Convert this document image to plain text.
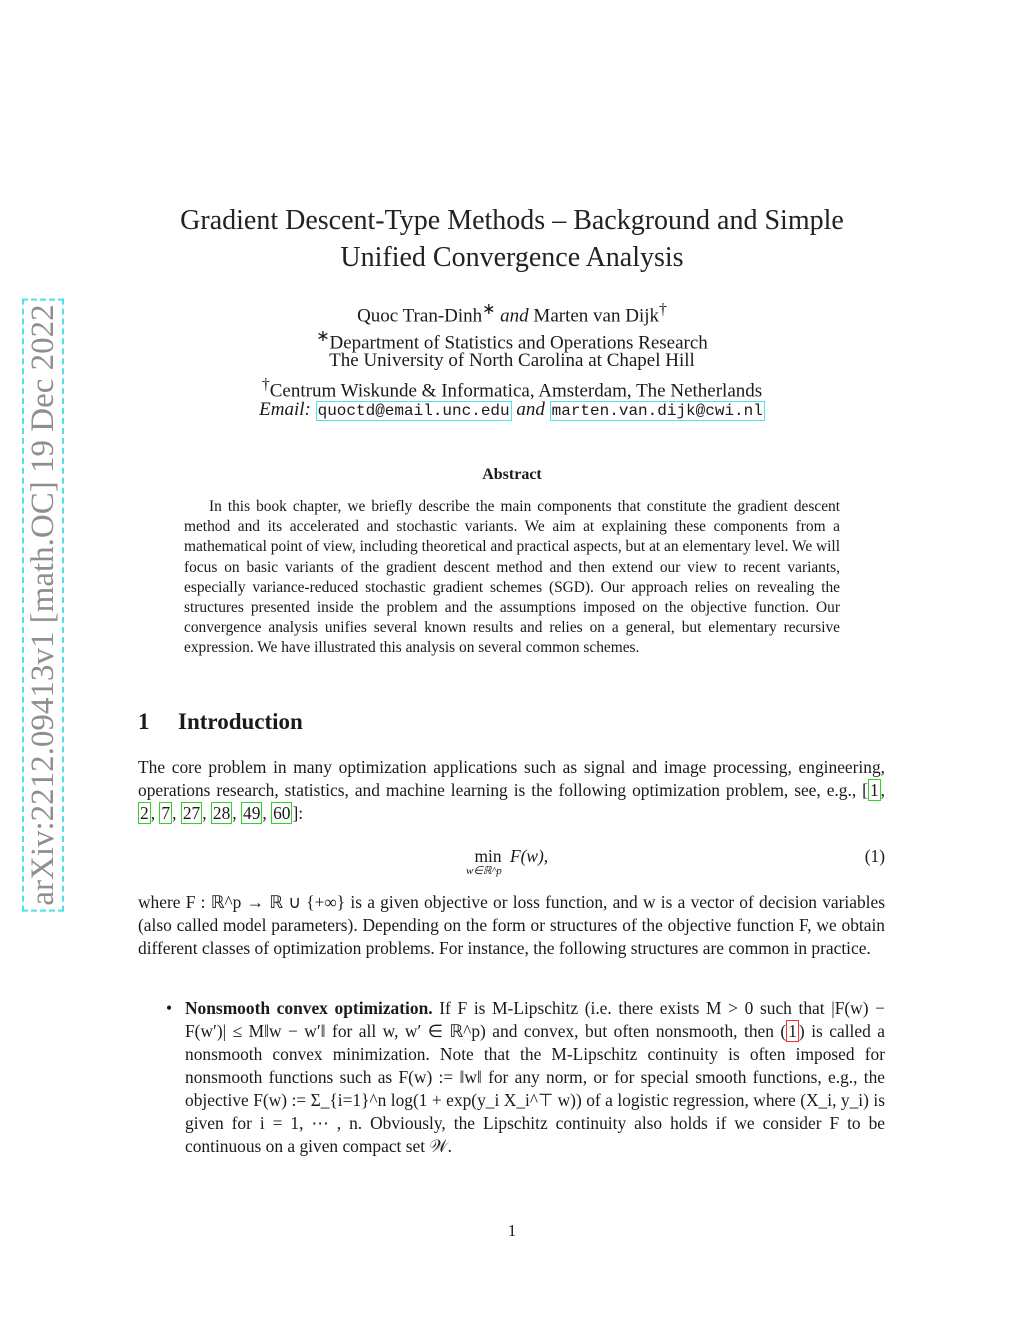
arXiv:2212.09413v1 [math.OC] 19 Dec 2022
Gradient Descent-Type Methods – Background and Simple
Unified Convergence Analysis
Quoc Tran-Dinh∗ and Marten van Dijk†
∗Department of Statistics and Operations Research
The University of North Carolina at Chapel Hill
†Centrum Wiskunde & Informatica, Amsterdam, The Netherlands
Email: quoctd@email.unc.edu and marten.van.dijk@cwi.nl
Abstract
In this book chapter, we briefly describe the main components that constitute the gradient descent method and its accelerated and stochastic variants. We aim at explaining these components from a mathematical point of view, including theoretical and practical aspects, but at an elementary level. We will focus on basic variants of the gradient descent method and then extend our view to recent variants, especially variance-reduced stochastic gradient schemes (SGD). Our approach relies on revealing the structures presented inside the problem and the assumptions imposed on the objective function. Our convergence analysis unifies several known results and relies on a general, but elementary recursive expression. We have illustrated this analysis on several common schemes.
1 Introduction
The core problem in many optimization applications such as signal and image processing, engineering, operations research, statistics, and machine learning is the following optimization problem, see, e.g., [ 1 , 2 , 7 , 27 , 28 , 49 , 60 ]:
min
w∈ℝ^p
F(w),	(1)
where F : ℝ^p → ℝ ∪ {+∞} is a given objective or loss function, and w is a vector of decision variables (also called model parameters). Depending on the form or structures of the objective function F, we obtain different classes of optimization problems. For instance, the following structures are common in practice.
• Nonsmooth convex optimization. If F is M-Lipschitz (i.e. there exists M > 0 such that |F(w) − F(w′)| ≤ M‖w − w′‖ for all w, w′ ∈ ℝ^p) and convex, but often nonsmooth, then ( 1 ) is called a nonsmooth convex minimization. Note that the M-Lipschitz continuity is often imposed for nonsmooth functions such as F(w) := ‖w‖ for any norm, or for special smooth functions, e.g., the objective F(w) := Σ_{i=1}^n log(1 + exp(y_i X_i^⊤ w)) of a logistic regression, where (X_i, y_i) is given for i = 1, ⋯ , n. Obviously, the Lipschitz continuity also holds if we consider F to be continuous on a given compact set 𝒲.
1
